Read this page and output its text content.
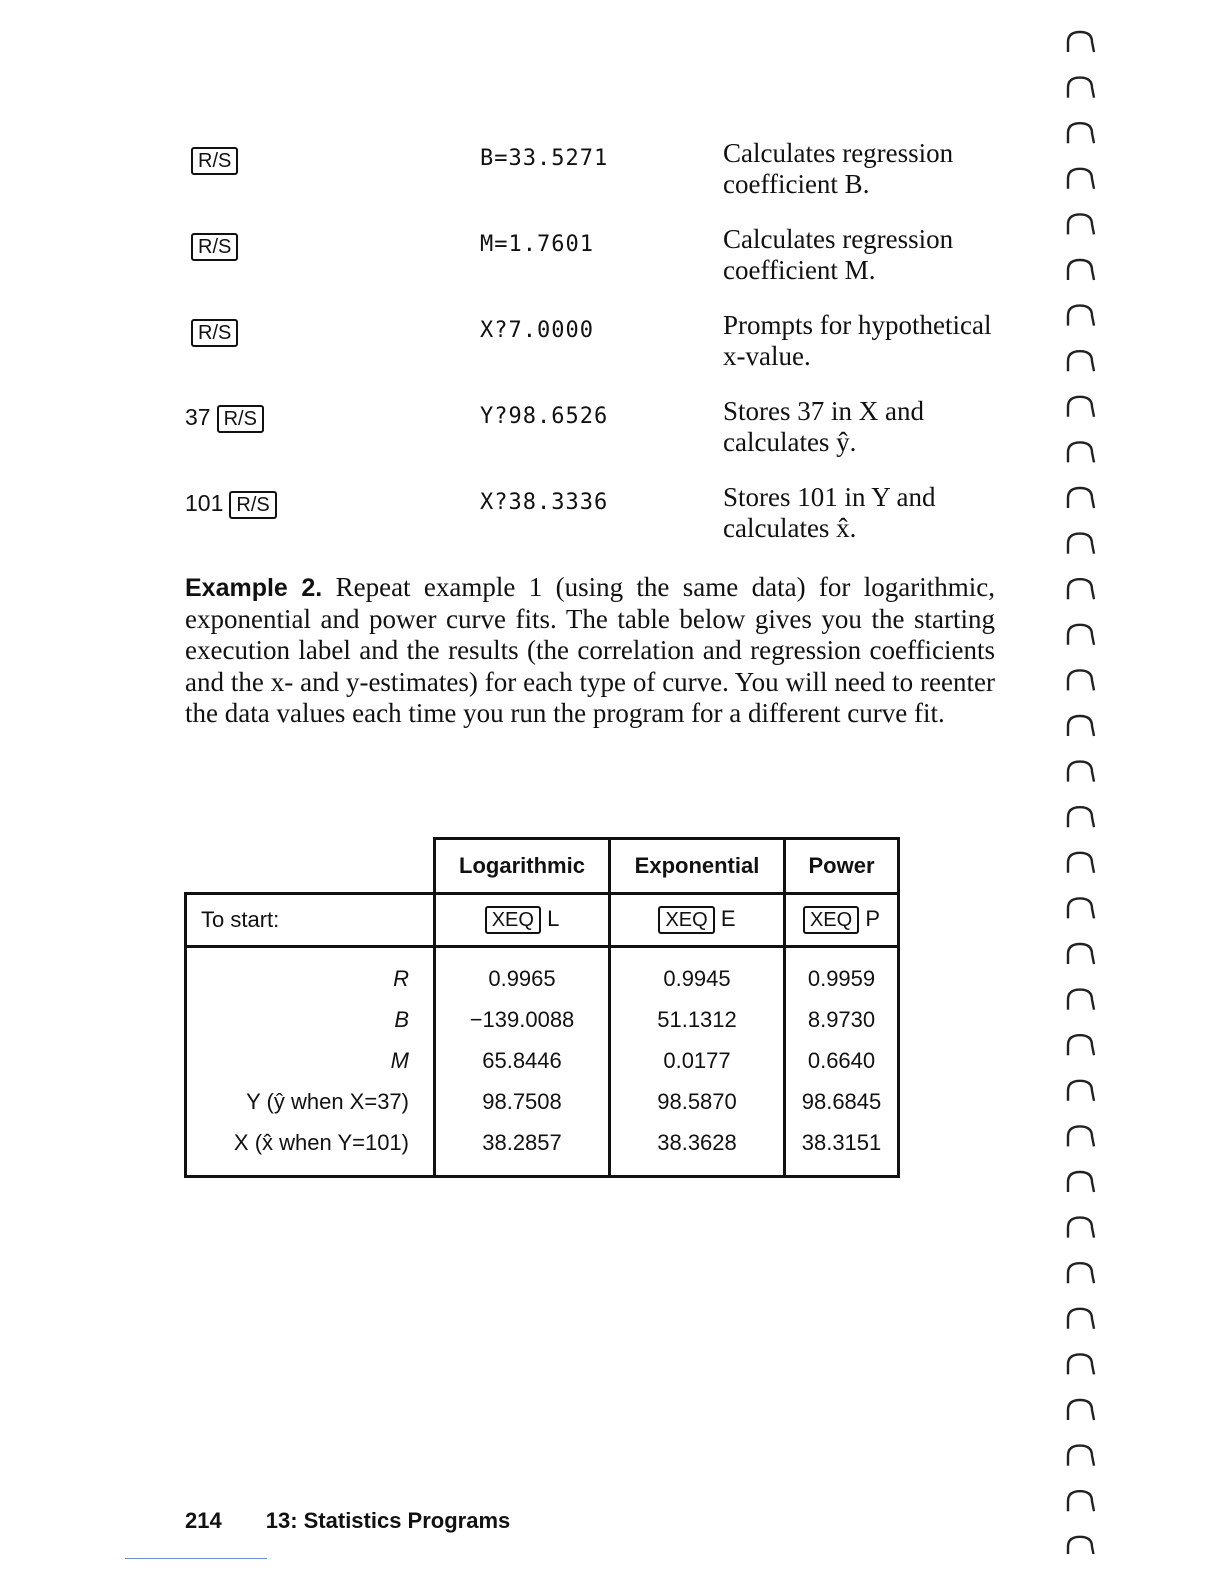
R/S	B=33.5271	Calculates regression coefficient B.
R/S	M=1.7601	Calculates regression coefficient M.
R/S	X?7.0000	Prompts for hypothetical x-value.
37 R/S	Y?98.6526	Stores 37 in X and calculates ŷ.
101 R/S	X?38.3336	Stores 101 in Y and calculates x̂.
Example 2. Repeat example 1 (using the same data) for logarithmic, exponential and power curve fits. The table below gives you the starting execution label and the results (the correlation and regression coefficients and the x- and y-estimates) for each type of curve. You will need to reenter the data values each time you run the program for a different curve fit.
	Logarithmic	Exponential	Power
To start:	XEQ L	XEQ E	XEQ P
R	0.9965	0.9945	0.9959
B	−139.0088	51.1312	8.9730
M	65.8446	0.0177	0.6640
Y (ŷ when X=37)	98.7508	98.5870	98.6845
X (x̂ when Y=101)	38.2857	38.3628	38.3151
214 13: Statistics Programs
